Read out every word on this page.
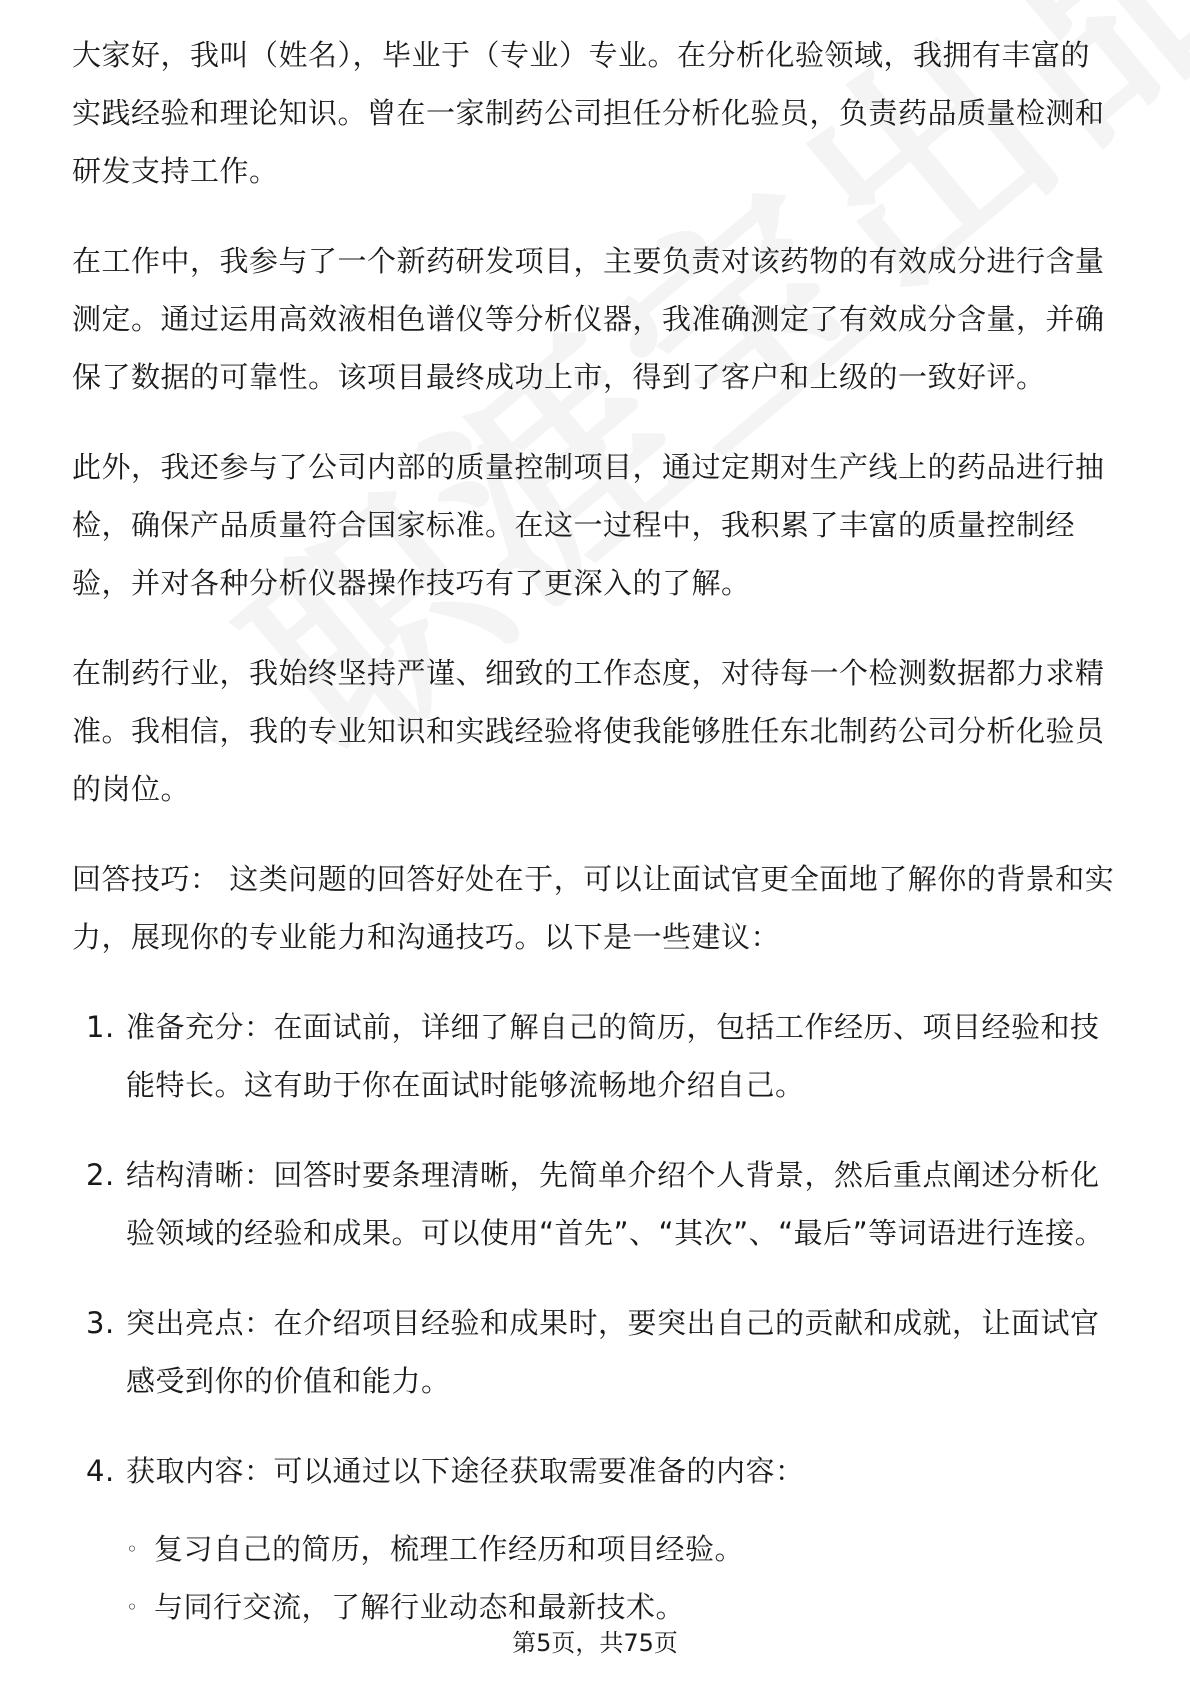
大家好，我叫（姓名），毕业于（专业）专业。在分析化验领域，我拥有丰富的实践经验和理论知识。曾在一家制药公司担任分析化验员，负责药品质量检测和研发支持工作。

在工作中，我参与了一个新药研发项目，主要负责对该药物的有效成分进行含量测定。通过运用高效液相色谱仪等分析仪器，我准确测定了有效成分含量，并确保了数据的可靠性。该项目最终成功上市，得到了客户和上级的一致好评。

此外，我还参与了公司内部的质量控制项目，通过定期对生产线上的药品进行抽检，确保产品质量符合国家标准。在这一过程中，我积累了丰富的质量控制经验，并对各种分析仪器操作技巧有了更深入的了解。

在制药行业，我始终坚持严谨、细致的工作态度，对待每一个检测数据都力求精准。我相信，我的专业知识和实践经验将使我能够胜任东北制药公司分析化验员的岗位。

回答技巧： 这类问题的回答好处在于，可以让面试官更全面地了解你的背景和实力，展现你的专业能力和沟通技巧。以下是一些建议：

1. 准备充分：在面试前，详细了解自己的简历，包括工作经历、项目经验和技能特长。这有助于你在面试时能够流畅地介绍自己。
2. 结构清晰：回答时要条理清晰，先简单介绍个人背景，然后重点阐述分析化验领域的经验和成果。可以使用“首先”、“其次”、“最后”等词语进行连接。
3. 突出亮点：在介绍项目经验和成果时，要突出自己的贡献和成就，让面试官感受到你的价值和能力。
4. 获取内容：可以通过以下途径获取需要准备的内容：
◦ 复习自己的简历，梳理工作经历和项目经验。
◦ 与同行交流，了解行业动态和最新技术。
第5页，共75页
